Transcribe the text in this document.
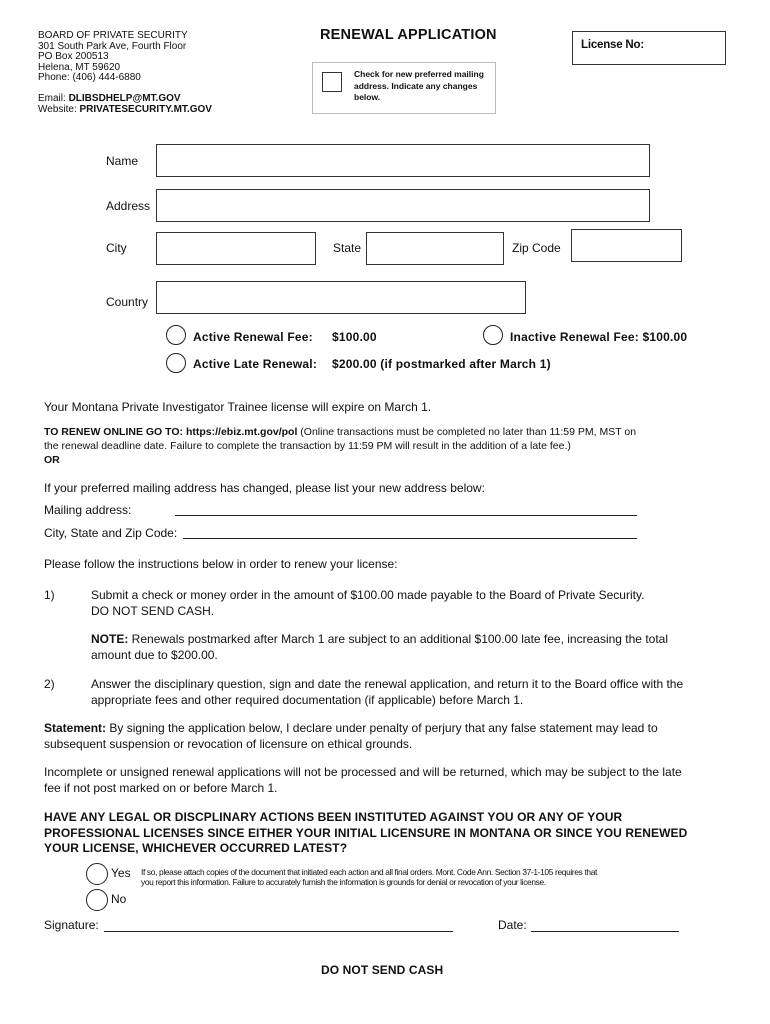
BOARD OF PRIVATE SECURITY
301 South Park Ave, Fourth Floor
PO Box 200513
Helena, MT 59620
Phone: (406) 444-6880
Email: DLIBSDHELP@MT.GOV
Website: PRIVATESECURITY.MT.GOV
RENEWAL APPLICATION
License No:
Check for new preferred mailing address. Indicate any changes below.
Name
Address
City	State	Zip Code
Country
Active Renewal Fee: $100.00	Inactive Renewal Fee: $100.00
Active Late Renewal: $200.00 (if postmarked after March 1)
Your Montana Private Investigator Trainee license will expire on March 1.
TO RENEW ONLINE GO TO: https://ebiz.mt.gov/pol (Online transactions must be completed no later than 11:59 PM, MST on
the renewal deadline date. Failure to complete the transaction by 11:59 PM will result in the addition of a late fee.)
OR
If your preferred mailing address has changed, please list your new address below:
Mailing address:
City, State and Zip Code:
Please follow the instructions below in order to renew your license:
1)	Submit a check or money order in the amount of $100.00 made payable to the Board of Private Security.
DO NOT SEND CASH.
NOTE: Renewals postmarked after March 1 are subject to an additional $100.00 late fee, increasing the total
amount due to $200.00.
2)	Answer the disciplinary question, sign and date the renewal application, and return it to the Board office with the
appropriate fees and other required documentation (if applicable) before March 1.
Statement: By signing the application below, I declare under penalty of perjury that any false statement may lead to
subsequent suspension or revocation of licensure on ethical grounds.
Incomplete or unsigned renewal applications will not be processed and will be returned, which may be subject to the late
fee if not post marked on or before March 1.
HAVE ANY LEGAL OR DISCPLINARY ACTIONS BEEN INSTITUTED AGAINST YOU OR ANY OF YOUR
PROFESSIONAL LICENSES SINCE EITHER YOUR INITIAL LICENSURE IN MONTANA OR SINCE YOU RENEWED
YOUR LICENSE, WHICHEVER OCCURRED LATEST?
Yes If so, please attach copies of the document that initiated each action and all final orders. Mont. Code Ann. Section 37-1-105 requires that
you report this information. Failure to accurately furnish the information is grounds for denial or revocation of your license.
No
Signature:	Date:
DO NOT SEND CASH
